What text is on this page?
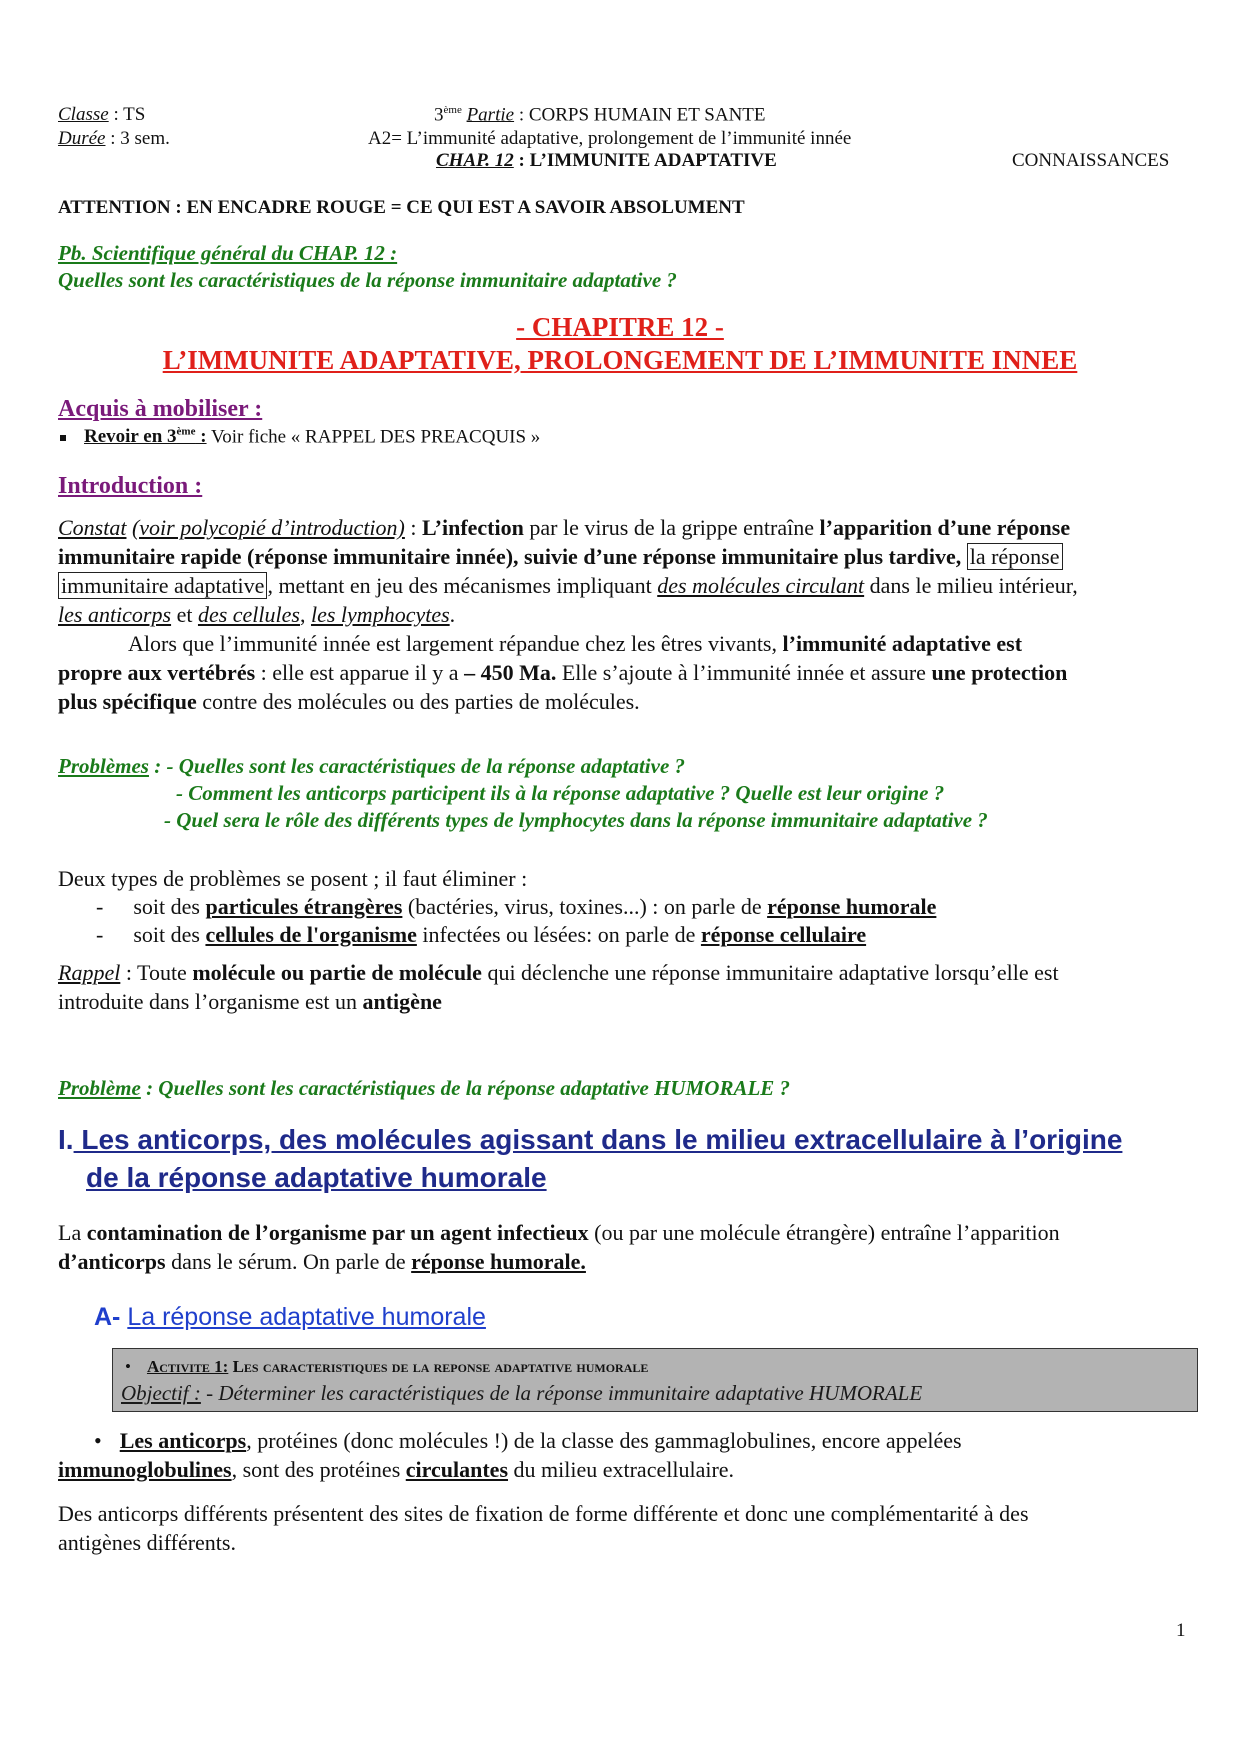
Classe : TS
Durée : 3 sem.
3ème Partie : CORPS HUMAIN ET SANTE
A2= L’immunité adaptative, prolongement de l’immunité innée
CHAP. 12 : L’IMMUNITE ADAPTATIVE	CONNAISSANCES
ATTENTION : EN ENCADRE ROUGE = CE QUI EST A SAVOIR ABSOLUMENT
Pb. Scientifique général du CHAP. 12 :
Quelles sont les caractéristiques de la réponse immunitaire adaptative ?
- CHAPITRE 12 -
L’IMMUNITE ADAPTATIVE, PROLONGEMENT DE L’IMMUNITE INNEE
Acquis à mobiliser :
Revoir en 3ème : Voir fiche « RAPPEL DES PREACQUIS »
Introduction :
Constat (voir polycopié d’introduction) : L’infection par le virus de la grippe entraîne l’apparition d’une réponse
immunitaire rapide (réponse immunitaire innée), suivie d’une réponse immunitaire plus tardive, la réponse
immunitaire adaptative , mettant en jeu des mécanismes impliquant des molécules circulant dans le milieu intérieur,
les anticorps et des cellules, les lymphocytes.
Alors que l’immunité innée est largement répandue chez les êtres vivants, l’immunité adaptative est
propre aux vertébrés : elle est apparue il y a – 450 Ma. Elle s’ajoute à l’immunité innée et assure une protection
plus spécifique contre des molécules ou des parties de molécules.
Problèmes : - Quelles sont les caractéristiques de la réponse adaptative ?
- Comment les anticorps participent ils à la réponse adaptative ? Quelle est leur origine ?
- Quel sera le rôle des différents types de lymphocytes dans la réponse immunitaire adaptative ?
Deux types de problèmes se posent ; il faut éliminer :
- soit des particules étrangères (bactéries, virus, toxines...) : on parle de réponse humorale
- soit des cellules de l'organisme infectées ou lésées: on parle de réponse cellulaire
Rappel : Toute molécule ou partie de molécule qui déclenche une réponse immunitaire adaptative lorsqu’elle est
introduite dans l’organisme est un antigène
Problème : Quelles sont les caractéristiques de la réponse adaptative HUMORALE ?
I. Les anticorps, des molécules agissant dans le milieu extracellulaire à l’origine
de la réponse adaptative humorale
La contamination de l’organisme par un agent infectieux (ou par une molécule étrangère) entraîne l’apparition
d’anticorps dans le sérum. On parle de réponse humorale.
A- La réponse adaptative humorale
• Activite 1: Les caracteristiques de la reponse adaptative humorale
Objectif : - Déterminer les caractéristiques de la réponse immunitaire adaptative HUMORALE
• Les anticorps, protéines (donc molécules !) de la classe des gammaglobulines, encore appelées
immunoglobulines, sont des protéines circulantes du milieu extracellulaire.
Des anticorps différents présentent des sites de fixation de forme différente et donc une complémentarité à des
antigènes différents.
1
